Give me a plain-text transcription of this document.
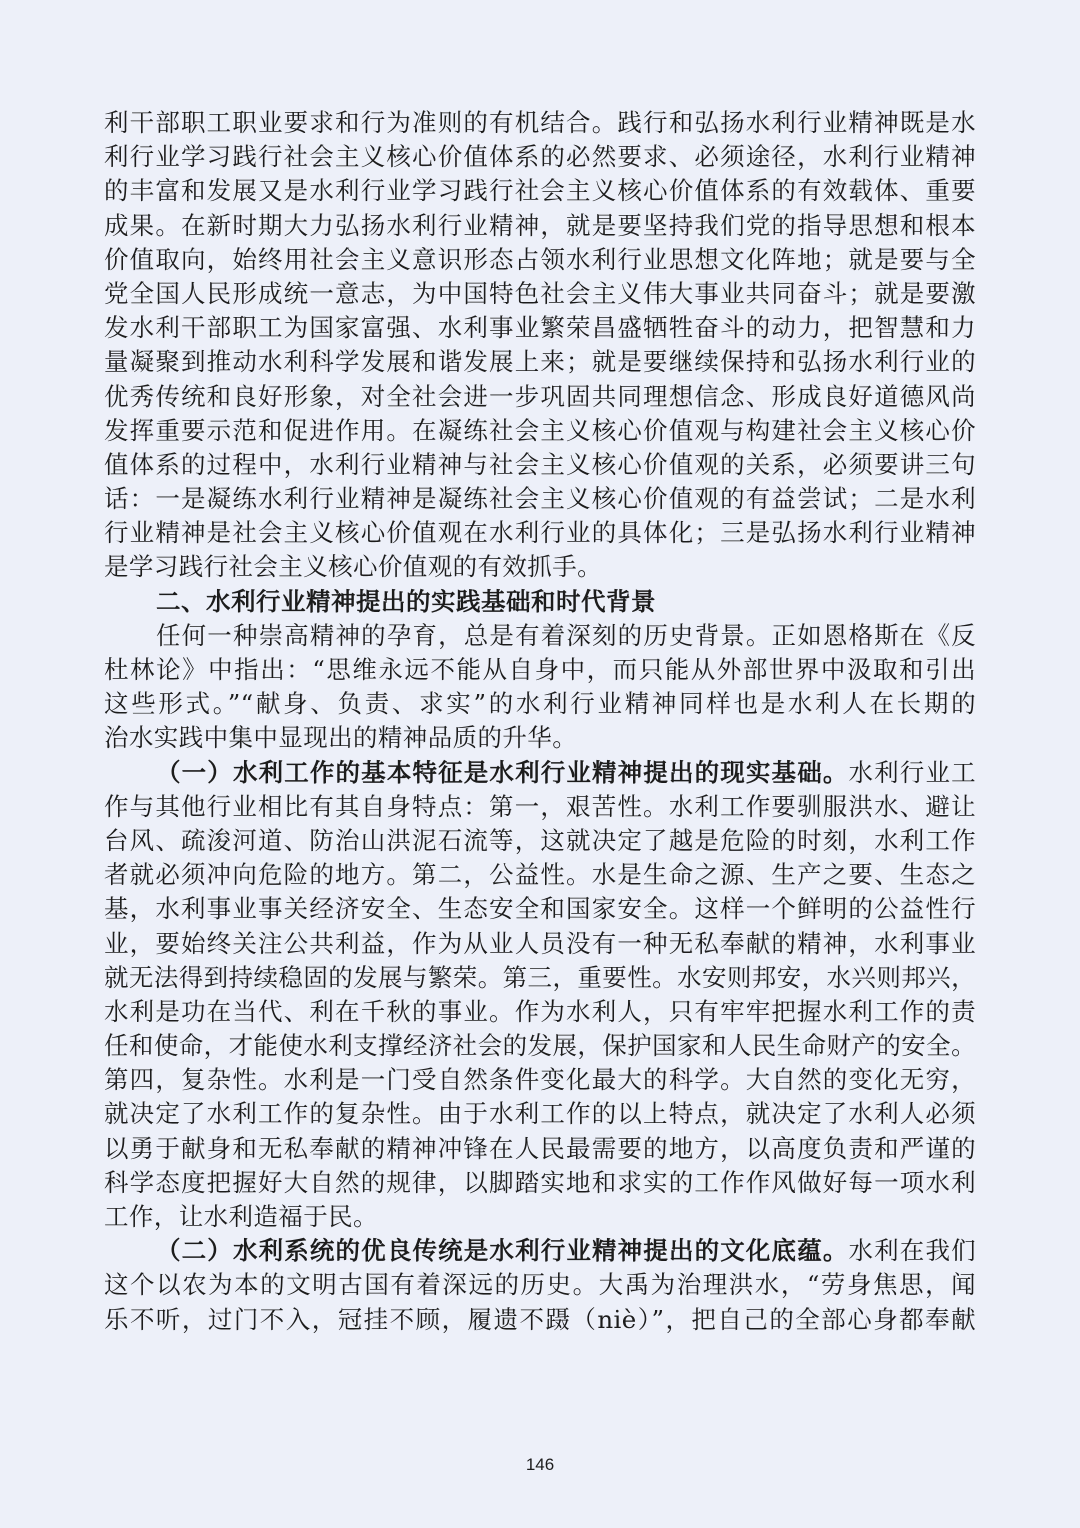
利干部职工职业要求和行为准则的有机结合。践行和弘扬水利行业精神既是水
利行业学习践行社会主义核心价值体系的必然要求、必须途径，水利行业精神
的丰富和发展又是水利行业学习践行社会主义核心价值体系的有效载体、重要
成果。在新时期大力弘扬水利行业精神，就是要坚持我们党的指导思想和根本
价值取向，始终用社会主义意识形态占领水利行业思想文化阵地；就是要与全
党全国人民形成统一意志，为中国特色社会主义伟大事业共同奋斗；就是要激
发水利干部职工为国家富强、水利事业繁荣昌盛牺牲奋斗的动力，把智慧和力
量凝聚到推动水利科学发展和谐发展上来；就是要继续保持和弘扬水利行业的
优秀传统和良好形象，对全社会进一步巩固共同理想信念、形成良好道德风尚
发挥重要示范和促进作用。在凝练社会主义核心价值观与构建社会主义核心价
值体系的过程中，水利行业精神与社会主义核心价值观的关系，必须要讲三句
话：一是凝练水利行业精神是凝练社会主义核心价值观的有益尝试；二是水利
行业精神是社会主义核心价值观在水利行业的具体化；三是弘扬水利行业精神
是学习践行社会主义核心价值观的有效抓手。
二、水利行业精神提出的实践基础和时代背景
任何一种崇高精神的孕育，总是有着深刻的历史背景。正如恩格斯在《反
杜林论》中指出：“思维永远不能从自身中，而只能从外部世界中汲取和引出
这些形式。”“献身、负责、求实”的水利行业精神同样也是水利人在长期的
治水实践中集中显现出的精神品质的升华。
（一）水利工作的基本特征是水利行业精神提出的现实基础。水利行业工
作与其他行业相比有其自身特点：第一，艰苦性。水利工作要驯服洪水、避让
台风、疏浚河道、防治山洪泥石流等，这就决定了越是危险的时刻，水利工作
者就必须冲向危险的地方。第二，公益性。水是生命之源、生产之要、生态之
基，水利事业事关经济安全、生态安全和国家安全。这样一个鲜明的公益性行
业，要始终关注公共利益，作为从业人员没有一种无私奉献的精神，水利事业
就无法得到持续稳固的发展与繁荣。第三，重要性。水安则邦安，水兴则邦兴，
水利是功在当代、利在千秋的事业。作为水利人，只有牢牢把握水利工作的责
任和使命，才能使水利支撑经济社会的发展，保护国家和人民生命财产的安全。
第四，复杂性。水利是一门受自然条件变化最大的科学。大自然的变化无穷，
就决定了水利工作的复杂性。由于水利工作的以上特点，就决定了水利人必须
以勇于献身和无私奉献的精神冲锋在人民最需要的地方，以高度负责和严谨的
科学态度把握好大自然的规律，以脚踏实地和求实的工作作风做好每一项水利
工作，让水利造福于民。
（二）水利系统的优良传统是水利行业精神提出的文化底蕴。水利在我们
这个以农为本的文明古国有着深远的历史。大禹为治理洪水，“劳身焦思，闻
乐不听，过门不入，冠挂不顾，履遗不蹑（niè）”，把自己的全部心身都奉献
146
